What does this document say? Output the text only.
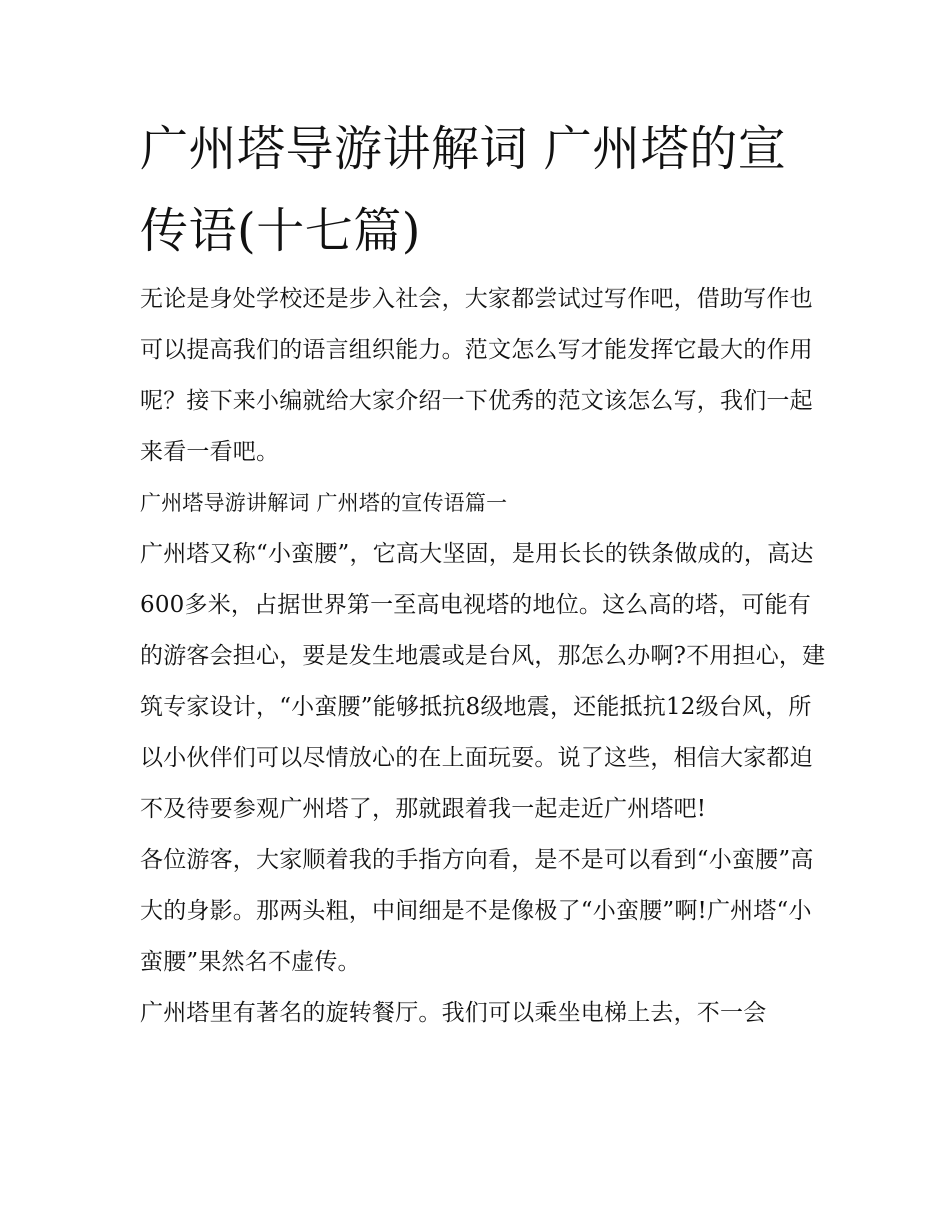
广州塔导游讲解词 广州塔的宣传语(十七篇)

无论是身处学校还是步入社会，大家都尝试过写作吧，借助写作也可以提高我们的语言组织能力。范文怎么写才能发挥它最大的作用呢？接下来小编就给大家介绍一下优秀的范文该怎么写，我们一起来看一看吧。

广州塔导游讲解词 广州塔的宣传语篇一

广州塔又称“小蛮腰”，它高大坚固，是用长长的铁条做成的，高达600多米，占据世界第一至高电视塔的地位。这么高的塔，可能有的游客会担心，要是发生地震或是台风，那怎么办啊?不用担心，建筑专家设计，“小蛮腰”能够抵抗8级地震，还能抵抗12级台风，所以小伙伴们可以尽情放心的在上面玩耍。说了这些，相信大家都迫不及待要参观广州塔了，那就跟着我一起走近广州塔吧!

各位游客，大家顺着我的手指方向看，是不是可以看到“小蛮腰”高大的身影。那两头粗，中间细是不是像极了“小蛮腰”啊!广州塔“小蛮腰”果然名不虚传。

广州塔里有著名的旋转餐厅。我们可以乘坐电梯上去，不一会
